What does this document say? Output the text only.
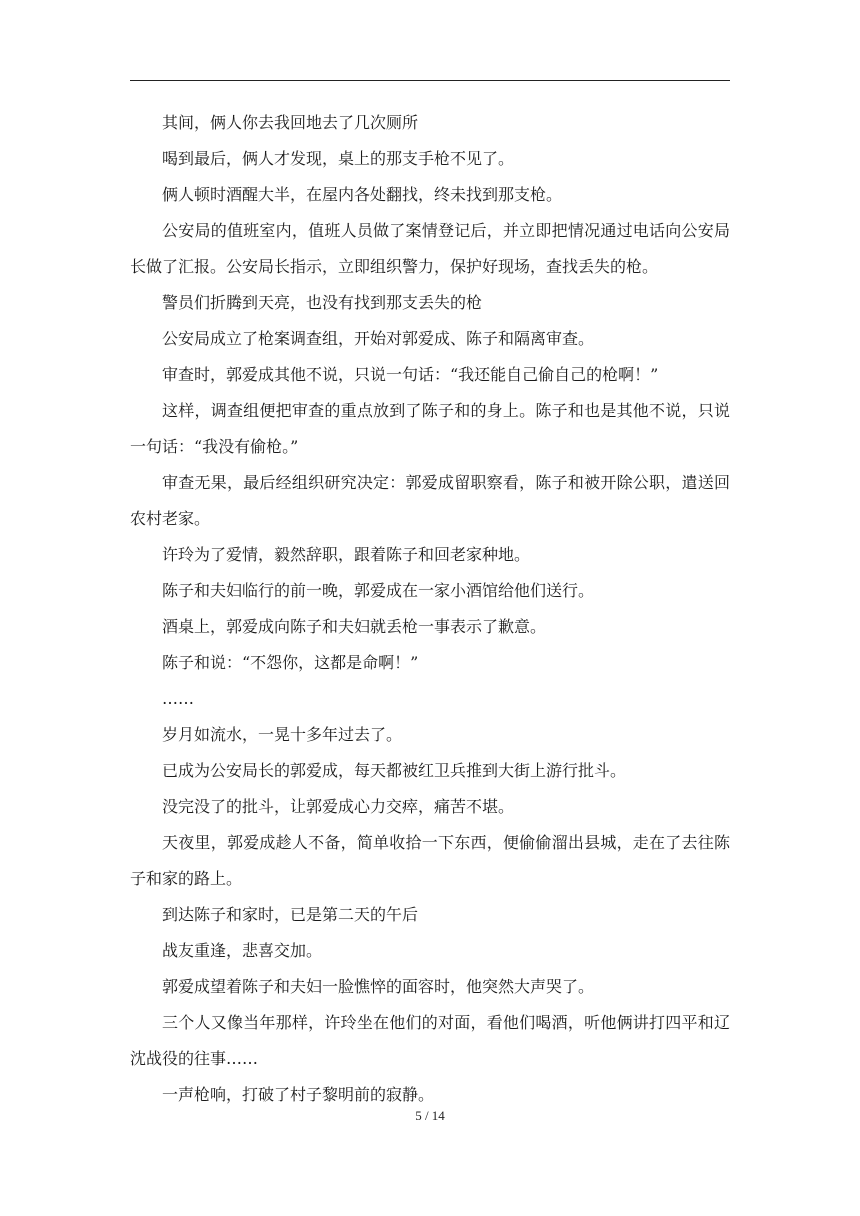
其间，俩人你去我回地去了几次厕所

喝到最后，俩人才发现，桌上的那支手枪不见了。

俩人顿时酒醒大半，在屋内各处翻找，终未找到那支枪。

公安局的值班室内，值班人员做了案情登记后，并立即把情况通过电话向公安局长做了汇报。公安局长指示，立即组织警力，保护好现场，查找丢失的枪。

警员们折腾到天亮，也没有找到那支丢失的枪

公安局成立了枪案调查组，开始对郭爱成、陈子和隔离审查。

审查时，郭爱成其他不说，只说一句话：“我还能自己偷自己的枪啊！”

这样，调查组便把审查的重点放到了陈子和的身上。陈子和也是其他不说，只说一句话：“我没有偷枪。”

审查无果，最后经组织研究决定：郭爱成留职察看，陈子和被开除公职，遣送回农村老家。

许玲为了爱情，毅然辞职，跟着陈子和回老家种地。

陈子和夫妇临行的前一晚，郭爱成在一家小酒馆给他们送行。

酒桌上，郭爱成向陈子和夫妇就丢枪一事表示了歉意。

陈子和说：“不怨你，这都是命啊！”

……

岁月如流水，一晃十多年过去了。

已成为公安局长的郭爱成，每天都被红卫兵推到大街上游行批斗。

没完没了的批斗，让郭爱成心力交瘁，痛苦不堪。

天夜里，郭爱成趁人不备，简单收拾一下东西，便偷偷溜出县城，走在了去往陈子和家的路上。

到达陈子和家时，已是第二天的午后

战友重逢，悲喜交加。

郭爱成望着陈子和夫妇一脸憔悴的面容时，他突然大声哭了。

三个人又像当年那样，许玲坐在他们的对面，看他们喝酒，听他俩讲打四平和辽沈战役的往事……

一声枪响，打破了村子黎明前的寂静。

5 / 14
